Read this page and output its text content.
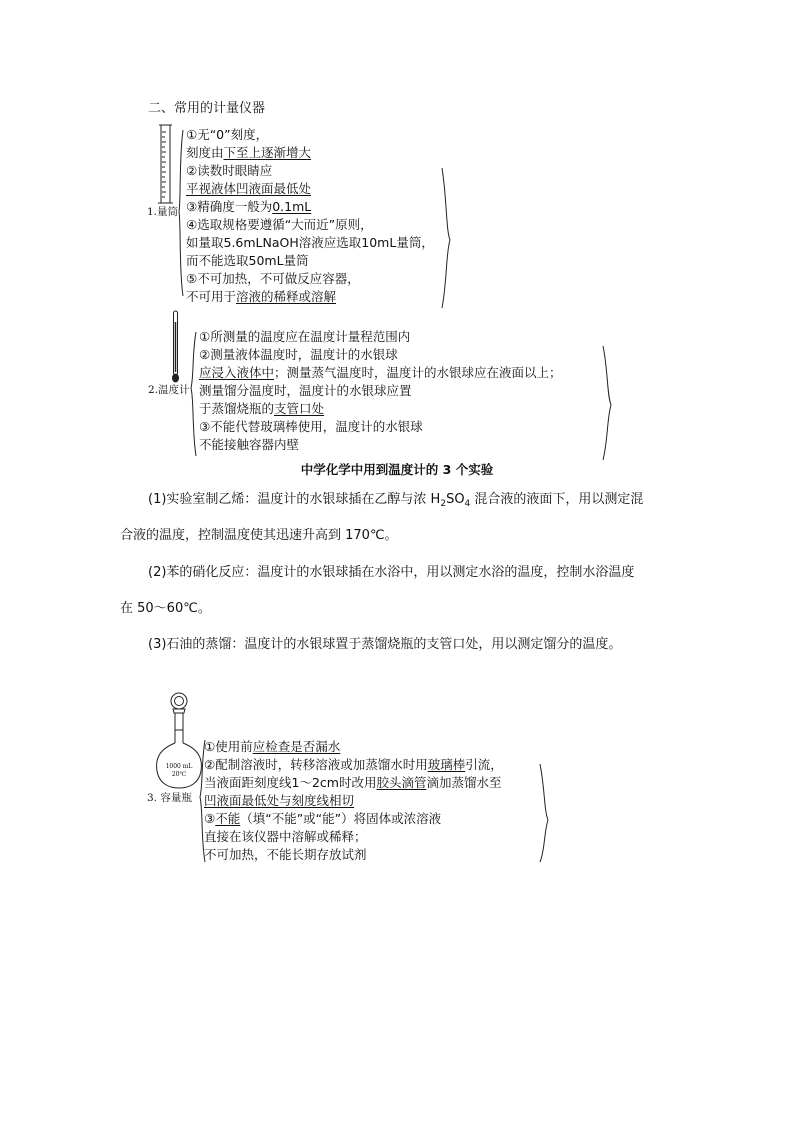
二、常用的计量仪器
1.量筒
①无“0”刻度，
刻度由下至上逐渐增大
②读数时眼睛应
平视液体凹液面最低处
③精确度一般为0.1mL
④选取规格要遵循“大而近”原则，
如量取5.6mLNaOH溶液应选取10mL量筒，
而不能选取50mL量筒
⑤不可加热，不可做反应容器，
不可用于溶液的稀释或溶解
2.温度计
①所测量的温度应在温度计量程范围内
②测量液体温度时，温度计的水银球
应浸入液体中；测量蒸气温度时，温度计的水银球应在液面以上；
测量馏分温度时，温度计的水银球应置
于蒸馏烧瓶的支管口处
③不能代替玻璃棒使用，温度计的水银球
不能接触容器内壁
中学化学中用到温度计的 3 个实验
(1)实验室制乙烯：温度计的水银球插在乙醇与浓 $H_2SO_4$ 混合液的液面下，用以测定混
合液的温度，控制温度使其迅速升高到 170℃。
(2)苯的硝化反应：温度计的水银球插在水浴中，用以测定水浴的温度，控制水浴温度
在 50～60℃。
(3)石油的蒸馏：温度计的水银球置于蒸馏烧瓶的支管口处，用以测定馏分的温度。
1000 mL
20℃
3. 容量瓶
①使用前应检查是否漏水
②配制溶液时，转移溶液或加蒸馏水时用玻璃棒引流，
当液面距刻度线1～2cm时改用胶头滴管滴加蒸馏水至
凹液面最低处与刻度线相切
③不能（填“不能”或“能”）将固体或浓溶液
直接在该仪器中溶解或稀释；
不可加热，不能长期存放试剂
